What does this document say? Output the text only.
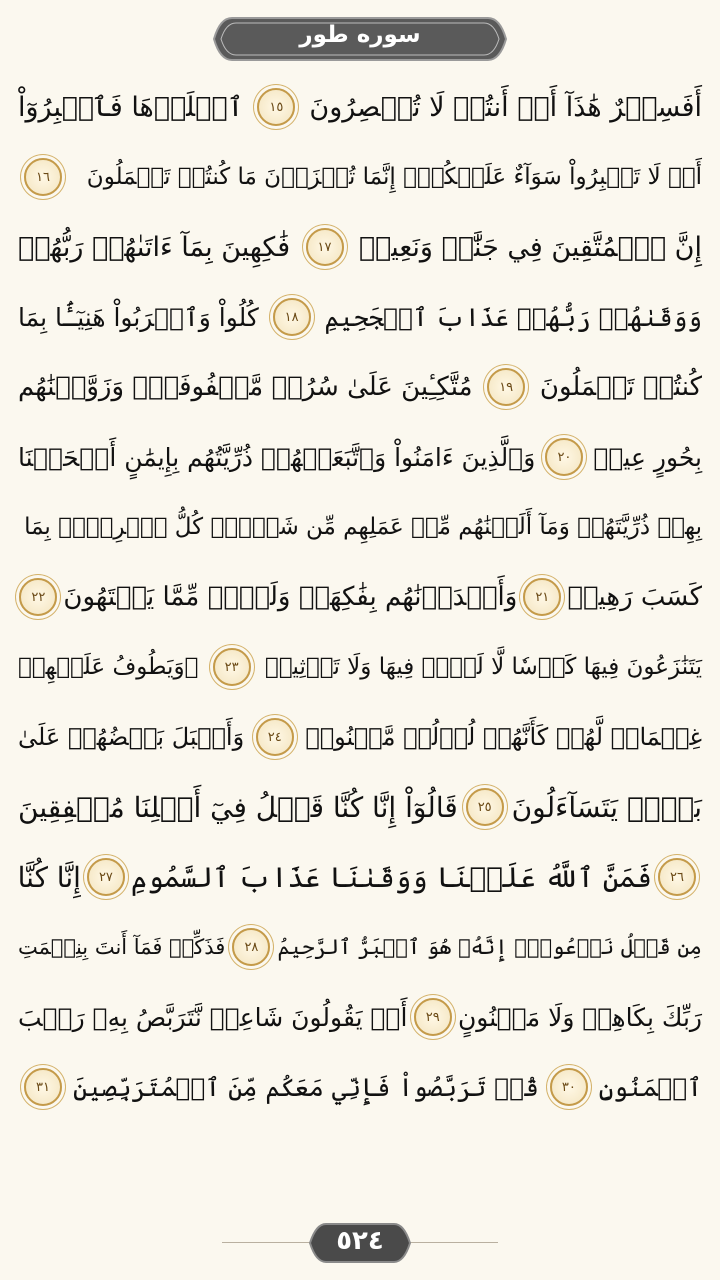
سوره طور
أَفَسِحۡرٌ هَٰذَآ أَمۡ أَنتُمۡ لَا تُبۡصِرُونَ
١٥
ٱصۡلَوۡهَا فَٱصۡبِرُوٓاْ
أَوۡ لَا تَصۡبِرُواْ سَوَآءٌ عَلَيۡكُمۡۖ إِنَّمَا تُجۡزَوۡنَ مَا كُنتُمۡ تَعۡمَلُونَ
١٦
إِنَّ ٱلۡمُتَّقِينَ فِي جَنَّٰتٖ وَنَعِيمٖ
١٧
فَٰكِهِينَ بِمَآ ءَاتَىٰهُمۡ رَبُّهُمۡ
وَوَقَىٰهُمۡ رَبُّهُمۡ عَذَابَ ٱلۡجَحِيمِ
١٨
كُلُواْ وَٱشۡرَبُواْ هَنِيٓـَٔۢا بِمَا
كُنتُمۡ تَعۡمَلُونَ
١٩
مُتَّكِـِٔينَ عَلَىٰ سُرُرٖ مَّصۡفُوفَةٖۖ وَزَوَّجۡنَٰهُم
بِحُورٍ عِينٖ
٢٠
وَٱلَّذِينَ ءَامَنُواْ وَٱتَّبَعَتۡهُمۡ ذُرِّيَّتُهُم بِإِيمَٰنٍ أَلۡحَقۡنَا
بِهِمۡ ذُرِّيَّتَهُمۡ وَمَآ أَلَتۡنَٰهُم مِّنۡ عَمَلِهِم مِّن شَيۡءٖۚ كُلُّ ٱمۡرِيِٕۭ بِمَا
كَسَبَ رَهِينٞ
٢١
وَأَمۡدَدۡنَٰهُم بِفَٰكِهَةٖ وَلَحۡمٖ مِّمَّا يَشۡتَهُونَ
٢٢
يَتَنَٰزَعُونَ فِيهَا كَأۡسٗا لَّا لَغۡوٞ فِيهَا وَلَا تَأۡثِيمٞ
٢٣
۞وَيَطُوفُ عَلَيۡهِمۡ
غِلۡمَانٞ لَّهُمۡ كَأَنَّهُمۡ لُؤۡلُؤٞ مَّكۡنُونٞ
٢٤
وَأَقۡبَلَ بَعۡضُهُمۡ عَلَىٰ
بَعۡضٖ يَتَسَآءَلُونَ
٢٥
قَالُوٓاْ إِنَّا كُنَّا قَبۡلُ فِيٓ أَهۡلِنَا مُشۡفِقِينَ
٢٦
فَمَنَّ ٱللَّهُ عَلَيۡنَا وَوَقَىٰنَا عَذَابَ ٱلسَّمُومِ
٢٧
إِنَّا كُنَّا
مِن قَبۡلُ نَدۡعُوهُۖ إِنَّهُۥ هُوَ ٱلۡبَرُّ ٱلرَّحِيمُ
٢٨
فَذَكِّرۡ فَمَآ أَنتَ بِنِعۡمَتِ
رَبِّكَ بِكَاهِنٖ وَلَا مَجۡنُونٍ
٢٩
أَمۡ يَقُولُونَ شَاعِرٞ نَّتَرَبَّصُ بِهِۦ رَيۡبَ
ٱلۡمَنُونِ
٣٠
قُلۡ تَرَبَّصُواْ فَإِنِّي مَعَكُم مِّنَ ٱلۡمُتَرَبِّصِينَ
٣١
٥٢٤
